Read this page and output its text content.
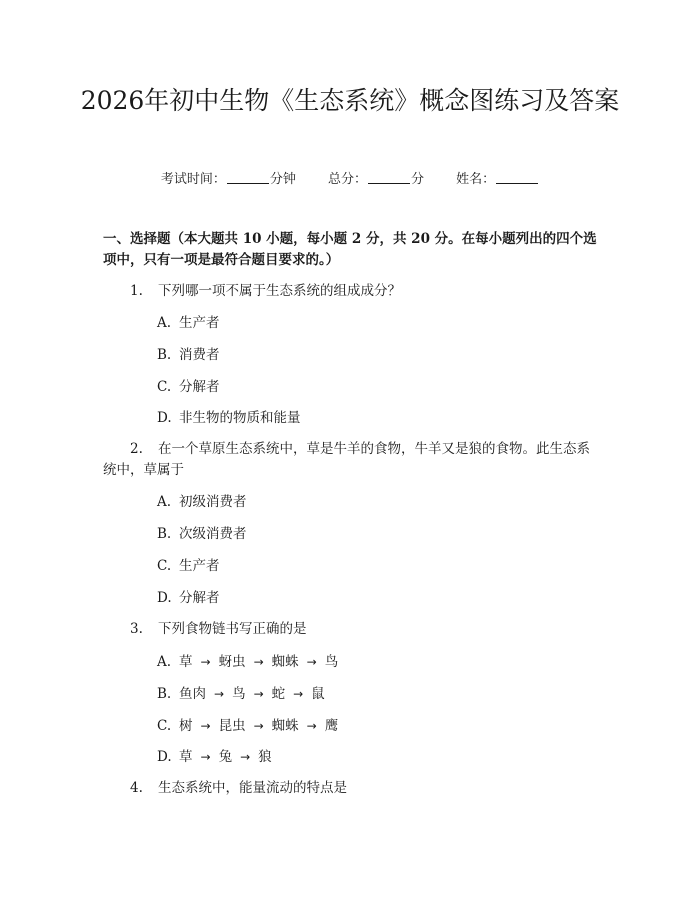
2026年初中生物《生态系统》概念图练习及答案
考试时间：	分钟 总分：	分 姓名：

一、选择题（本大题共 10 小题，每小题 2 分，共 20 分。在每小题列出的四个选项中，只有一项是最符合题目要求的。）

1. 下列哪一项不属于生态系统的组成成分？
A. 生产者
B. 消费者
C. 分解者
D. 非生物的物质和能量
2. 在一个草原生态系统中，草是牛羊的食物，牛羊又是狼的食物。此生态系统中，草属于
A. 初级消费者
B. 次级消费者
C. 生产者
D. 分解者
3. 下列食物链书写正确的是
A. 草 → 蚜虫 → 蜘蛛 → 鸟
B. 鱼肉 → 鸟 → 蛇 → 鼠
C. 树 → 昆虫 → 蜘蛛 → 鹰
D. 草 → 兔 → 狼
4. 生态系统中，能量流动的特点是
